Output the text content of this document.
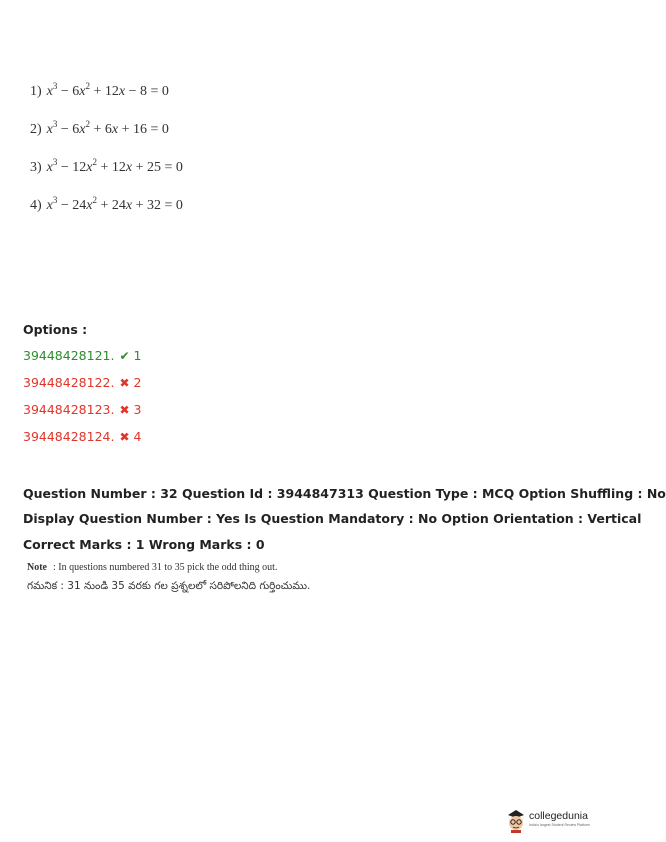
1) $x^3 - 6x^2 + 12x - 8 = 0$
2) $x^3 - 6x^2 + 6x + 16 = 0$
3) $x^3 - 12x^2 + 12x + 25 = 0$
4) $x^3 - 24x^2 + 24x + 32 = 0$
Options :
39448428121. ✔ 1
39448428122. ✖ 2
39448428123. ✖ 3
39448428124. ✖ 4
Question Number : 32 Question Id : 3944847313 Question Type : MCQ Option Shuffling : No
Display Question Number : Yes Is Question Mandatory : No Option Orientation : Vertical
Correct Marks : 1 Wrong Marks : 0
Note : In questions numbered 31 to 35 pick the odd thing out.
గమనిక : 31 నుండి 35 వరకు గల ప్రశ్నలలో సరిపోలనిది గుర్తించుము.
collegedunia
India's largest Student Review Platform
